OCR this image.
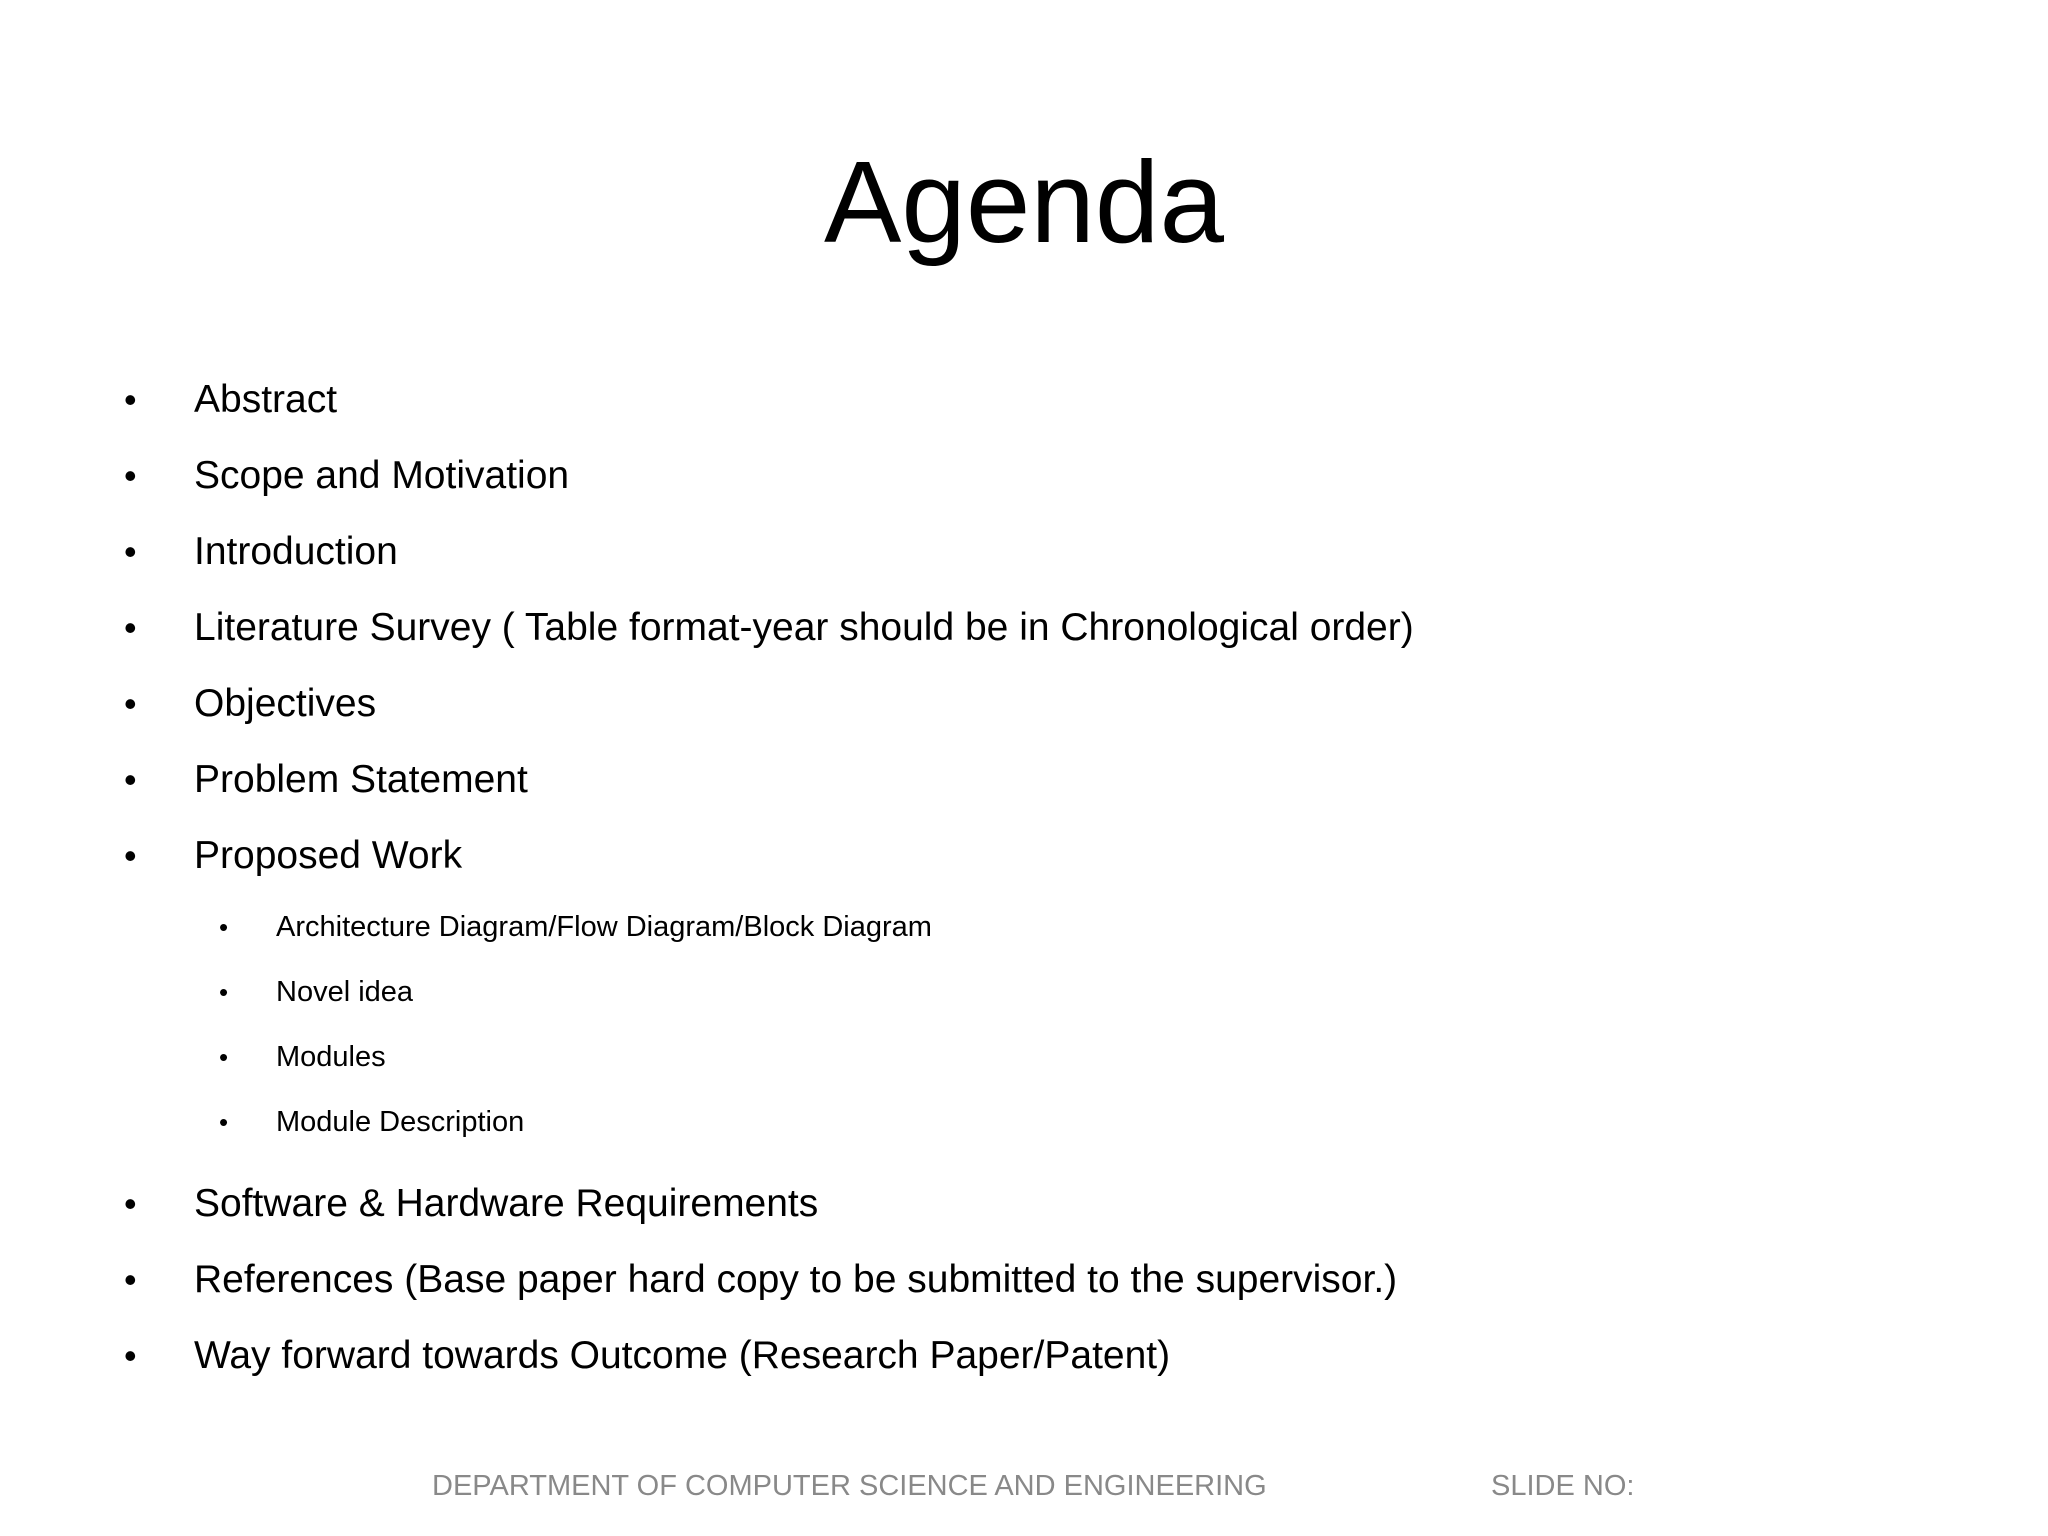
Agenda
• Abstract
• Scope and Motivation
• Introduction
• Literature Survey ( Table format-year should be in Chronological order)
• Objectives
• Problem Statement
• Proposed Work
• Architecture Diagram/Flow Diagram/Block Diagram
• Novel idea
• Modules
• Module Description
• Software & Hardware Requirements
• References (Base paper hard copy to be submitted to the supervisor.)
• Way forward towards Outcome (Research Paper/Patent)
DEPARTMENT OF COMPUTER SCIENCE AND ENGINEERING	SLIDE NO:
